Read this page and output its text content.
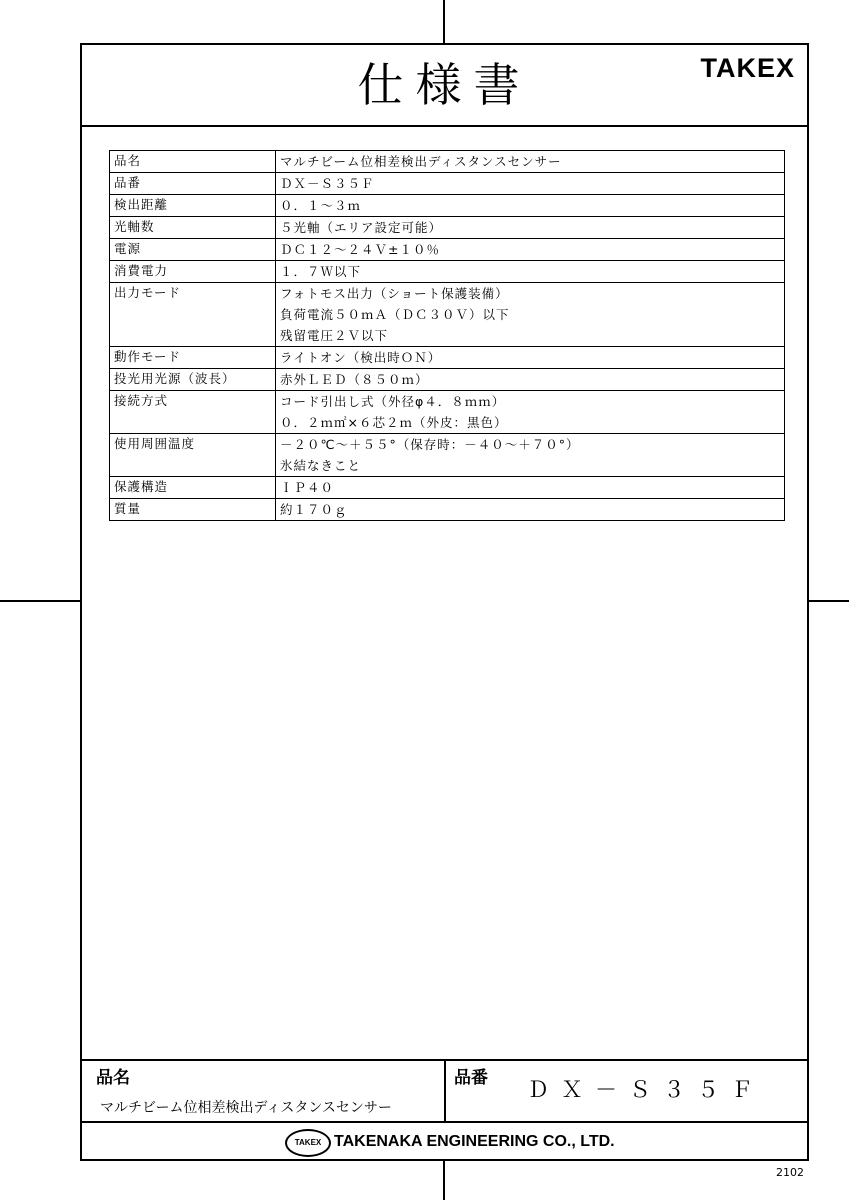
仕様書	TAKEX
品名	マルチビーム位相差検出ディスタンスセンサー

品番	ＤＸ－Ｓ３５Ｆ

検出距離	０．１～３ｍ

光軸数	５光軸（エリア設定可能）

電源	ＤＣ１２～２４Ｖ±１０％

消費電力	１．７Ｗ以下

出力モード	フォトモス出力（ショート保護装備）
負荷電流５０ｍＡ（ＤＣ３０Ｖ）以下
残留電圧２Ｖ以下

動作モード	ライトオン（検出時ＯＮ）

投光用光源（波長）	赤外ＬＥＤ（８５０ｍ）

接続方式	コード引出し式（外径φ４．８ｍｍ）
０．２ｍ㎡×６芯２ｍ（外皮：黒色）

使用周囲温度	－２０℃～＋５５°（保存時：－４０～＋７０°）
氷結なきこと

保護構造	ＩＰ４０

質量	約１７０ｇ
品名
マルチビーム位相差検出ディスタンスセンサー
品番 ＤＸ－Ｓ３５Ｆ
TAKEX TAKENAKA ENGINEERING CO., LTD.
2102
